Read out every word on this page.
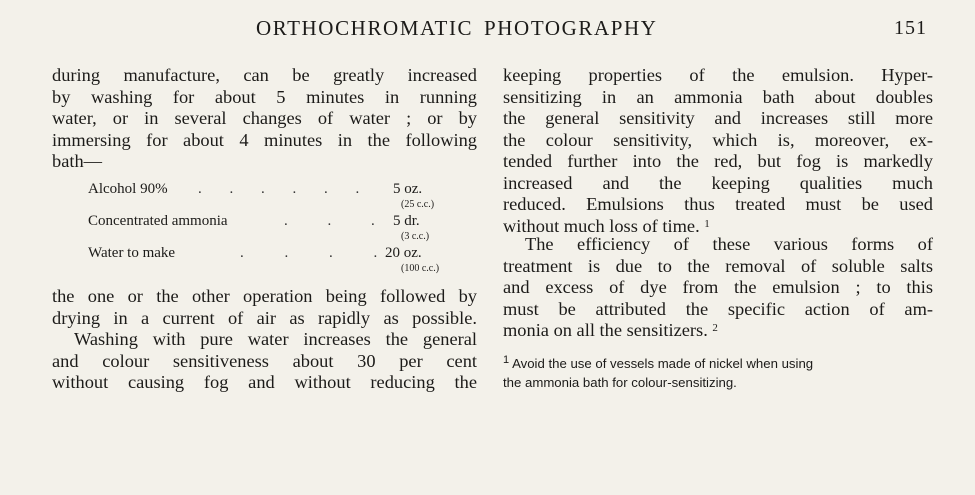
ORTHOCHROMATIC PHOTOGRAPHY	151
during manufacture, can be greatly increased
by washing for about 5 minutes in running
water, or in several changes of water ; or by
immersing for about 4 minutes in the following
bath—
Alcohol 90% . . . . . . 5 oz.
(25 c.c.)
Concentrated ammonia	. . . 5 dr.
(3 c.c.)
Water to make	. . . . 20 oz.
(100 c.c.)
the one or the other operation being followed by
drying in a current of air as rapidly as possible.
Washing with pure water increases the general
and colour sensitiveness about 30 per cent
without causing fog and without reducing the
keeping properties of the emulsion. Hyper-
sensitizing in an ammonia bath about doubles
the general sensitivity and increases still more
the colour sensitivity, which is, moreover, ex-
tended further into the red, but fog is markedly
increased and the keeping qualities much
reduced. Emulsions thus treated must be used
without much loss of time. $^1$
The efficiency of these various forms of
treatment is due to the removal of soluble salts
and excess of dye from the emulsion ; to this
must be attributed the specific action of am-
monia on all the sensitizers. $^2$
$^1$ Avoid the use of vessels made of nickel when using
the ammonia bath for colour-sensitizing.
